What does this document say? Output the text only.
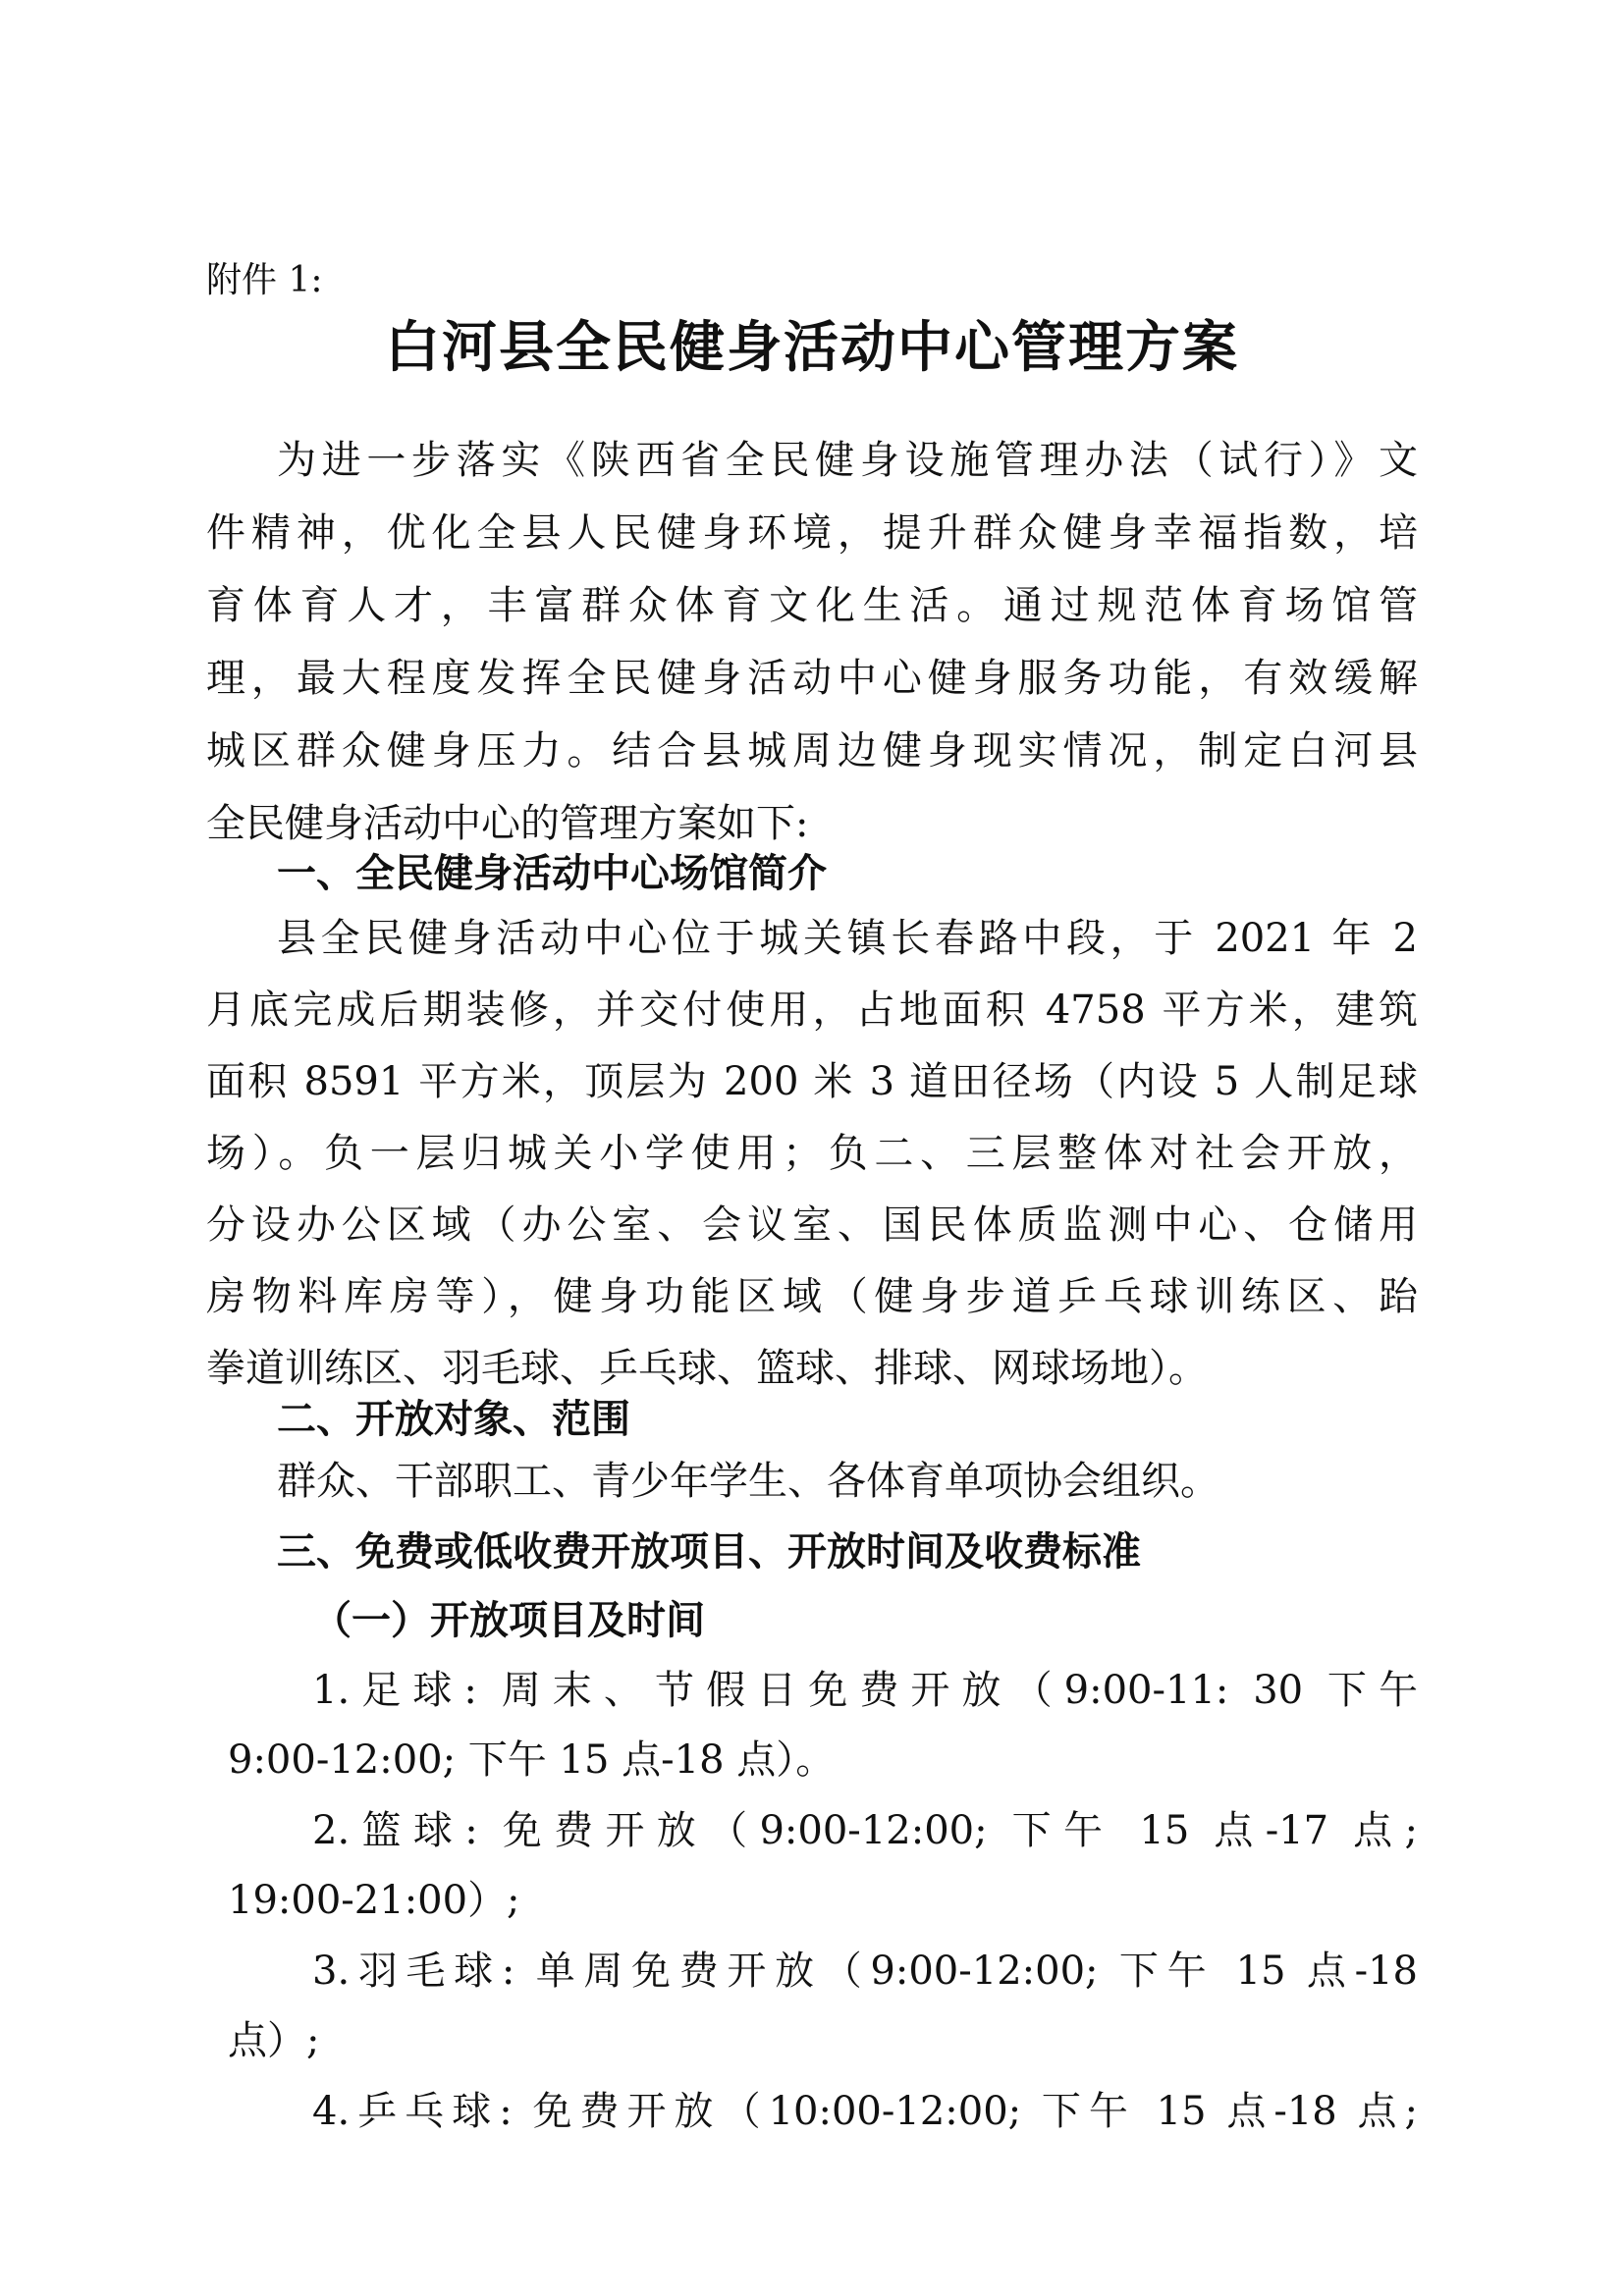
附件 1:
白河县全民健身活动中心管理方案
为进一步落实《陕西省全民健身设施管理办法（试行）》文
件精神，优化全县人民健身环境，提升群众健身幸福指数，培
育体育人才，丰富群众体育文化生活。通过规范体育场馆管
理，最大程度发挥全民健身活动中心健身服务功能，有效缓解
城区群众健身压力。结合县城周边健身现实情况，制定白河县
全民健身活动中心的管理方案如下:
一、全民健身活动中心场馆简介
县全民健身活动中心位于城关镇长春路中段，于 2021 年 2
月底完成后期装修，并交付使用，占地面积 4758 平方米，建筑
面积 8591 平方米，顶层为 200 米 3 道田径场（内设 5 人制足球
场）。负一层归城关小学使用；负二、三层整体对社会开放，
分设办公区域（办公室、会议室、国民体质监测中心、仓储用
房物料库房等），健身功能区域（健身步道乒乓球训练区、跆
拳道训练区、羽毛球、乒乓球、篮球、排球、网球场地）。
二、开放对象、范围
群众、干部职工、青少年学生、各体育单项协会组织。
三、免费或低收费开放项目、开放时间及收费标准
（一）开放项目及时间
1.足球: 周末、节假日免费开放（9:00-11: 30 下午
9:00-12:00; 下午 15 点-18 点）。
2.篮球: 免费开放（9:00-12:00; 下午 15 点-17 点;
19:00-21:00）;
3.羽毛球: 单周免费开放（9:00-12:00; 下午 15 点-18
点）;
4.乒乓球: 免费开放（10:00-12:00; 下午 15 点-18 点;
